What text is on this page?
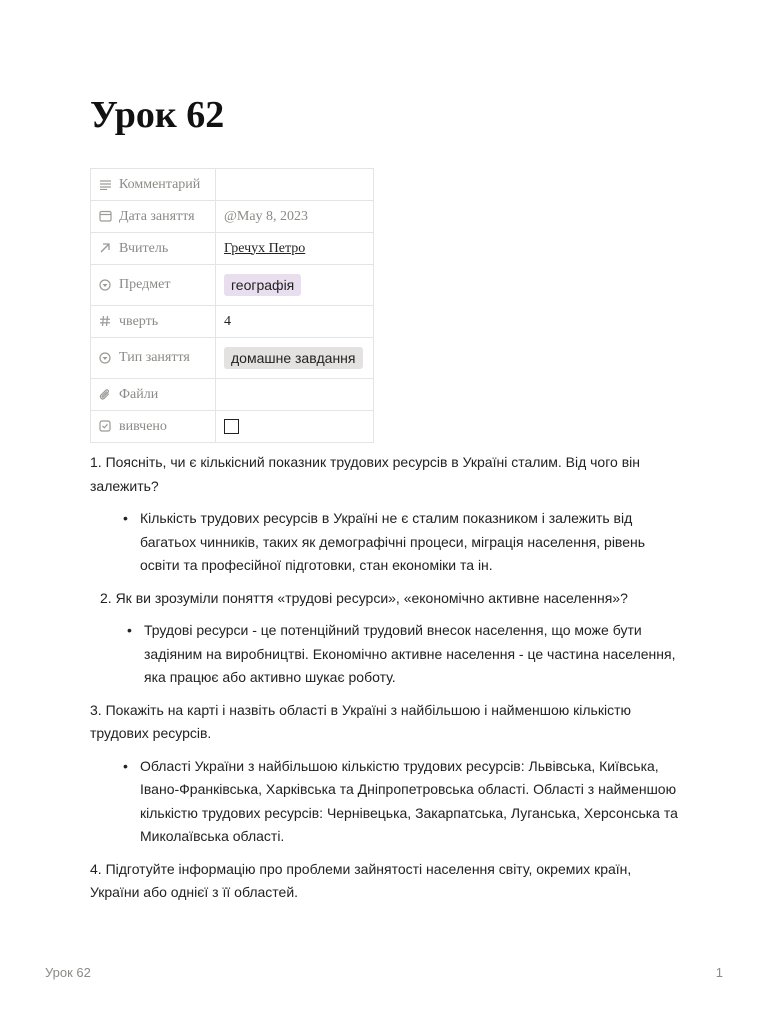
Урок 62
Комментарий	

Дата заняття	@May 8, 2023

Вчитель	Гречух Петро

Предмет	географія

чверть	4

Тип заняття	домашне завдання

Файли	

вивчено	

1. Поясніть, чи є кількісний показник трудових ресурсів в Україні сталим. Від чого він залежить?

• Кількість трудових ресурсів в Україні не є сталим показником і залежить від багатьох чинників, таких як демографічні процеси, міграція населення, рівень освіти та професійної підготовки, стан економіки та ін.

2. Як ви зрозуміли поняття «трудові ресурси», «економічно активне населення»?

• Трудові ресурси - це потенційний трудовий внесок населення, що може бути задіяним на виробництві. Економічно активне населення - це частина населення, яка працює або активно шукає роботу.

3. Покажіть на карті і назвіть області в Україні з найбільшою і найменшою кількістю трудових ресурсів.

• Області України з найбільшою кількістю трудових ресурсів: Львівська, Київська, Івано-Франківська, Харківська та Дніпропетровська області. Області з найменшою кількістю трудових ресурсів: Чернівецька, Закарпатська, Луганська, Херсонська та Миколаївська області.

4. Підготуйте інформацію про проблеми зайнятості населення світу, окремих країн, України або однієї з її областей.

Урок 62	1
